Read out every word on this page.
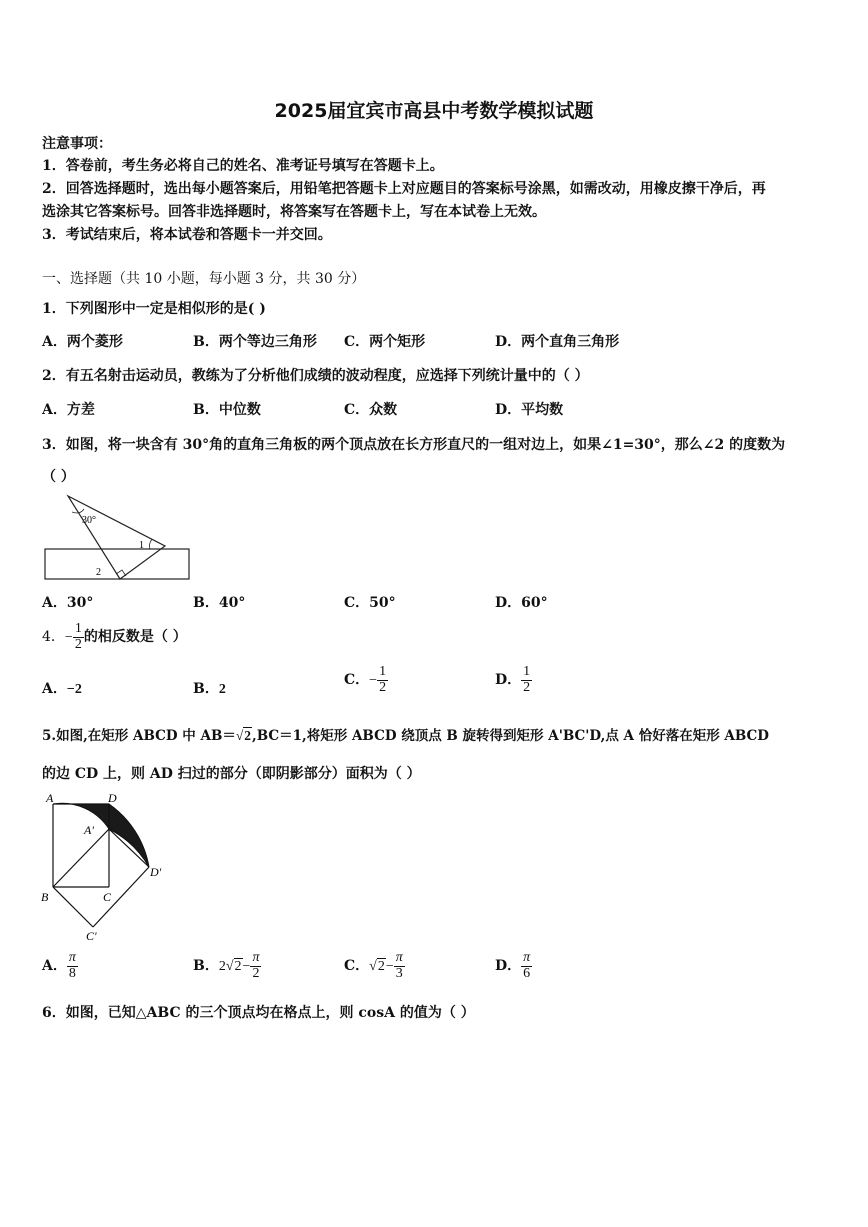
2025届宜宾市高县中考数学模拟试题
注意事项：
1．答卷前，考生务必将自己的姓名、准考证号填写在答题卡上。
2．回答选择题时，选出每小题答案后，用铅笔把答题卡上对应题目的答案标号涂黑，如需改动，用橡皮擦干净后，再
选涂其它答案标号。回答非选择题时，将答案写在答题卡上，写在本试卷上无效。
3．考试结束后，将本试卷和答题卡一并交回。
一、选择题（共 10 小题，每小题 3 分，共 30 分）
1．下列图形中一定是相似形的是( )
A．两个菱形	B．两个等边三角形 C．两个矩形	D．两个直角三角形
2．有五名射击运动员，教练为了分析他们成绩的波动程度，应选择下列统计量中的（ ）
A．方差	B．中位数	C．众数	D．平均数
3．如图，将一块含有 30°角的直角三角板的两个顶点放在长方形直尺的一组对边上，如果∠1=30°，那么∠2 的度数为
（ ）
30°
1
2
A．30°	B．40°	C．50°	D．60°
4．− $\frac{1}{2}$ 的相反数是（ ）
A．−2	B．2
C．− $\frac{1}{2}$	D． $\frac{1}{2}$
5.如图,在矩形 ABCD 中 AB＝√2,BC＝1,将矩形 ABCD 绕顶点 B 旋转得到矩形 A'BC'D,点 A 恰好落在矩形 ABCD
的边 CD 上，则 AD 扫过的部分（即阴影部分）面积为（ ）
A	D
A'
B	C
C'
D'
A． $\frac{\pi}{8}$	B．$2√2- \frac{\pi}{2}$	C．$√2- \frac{\pi}{3}$	D． $\frac{\pi}{6}$
6．如图，已知△ABC 的三个顶点均在格点上，则 cosA 的值为（ ）
